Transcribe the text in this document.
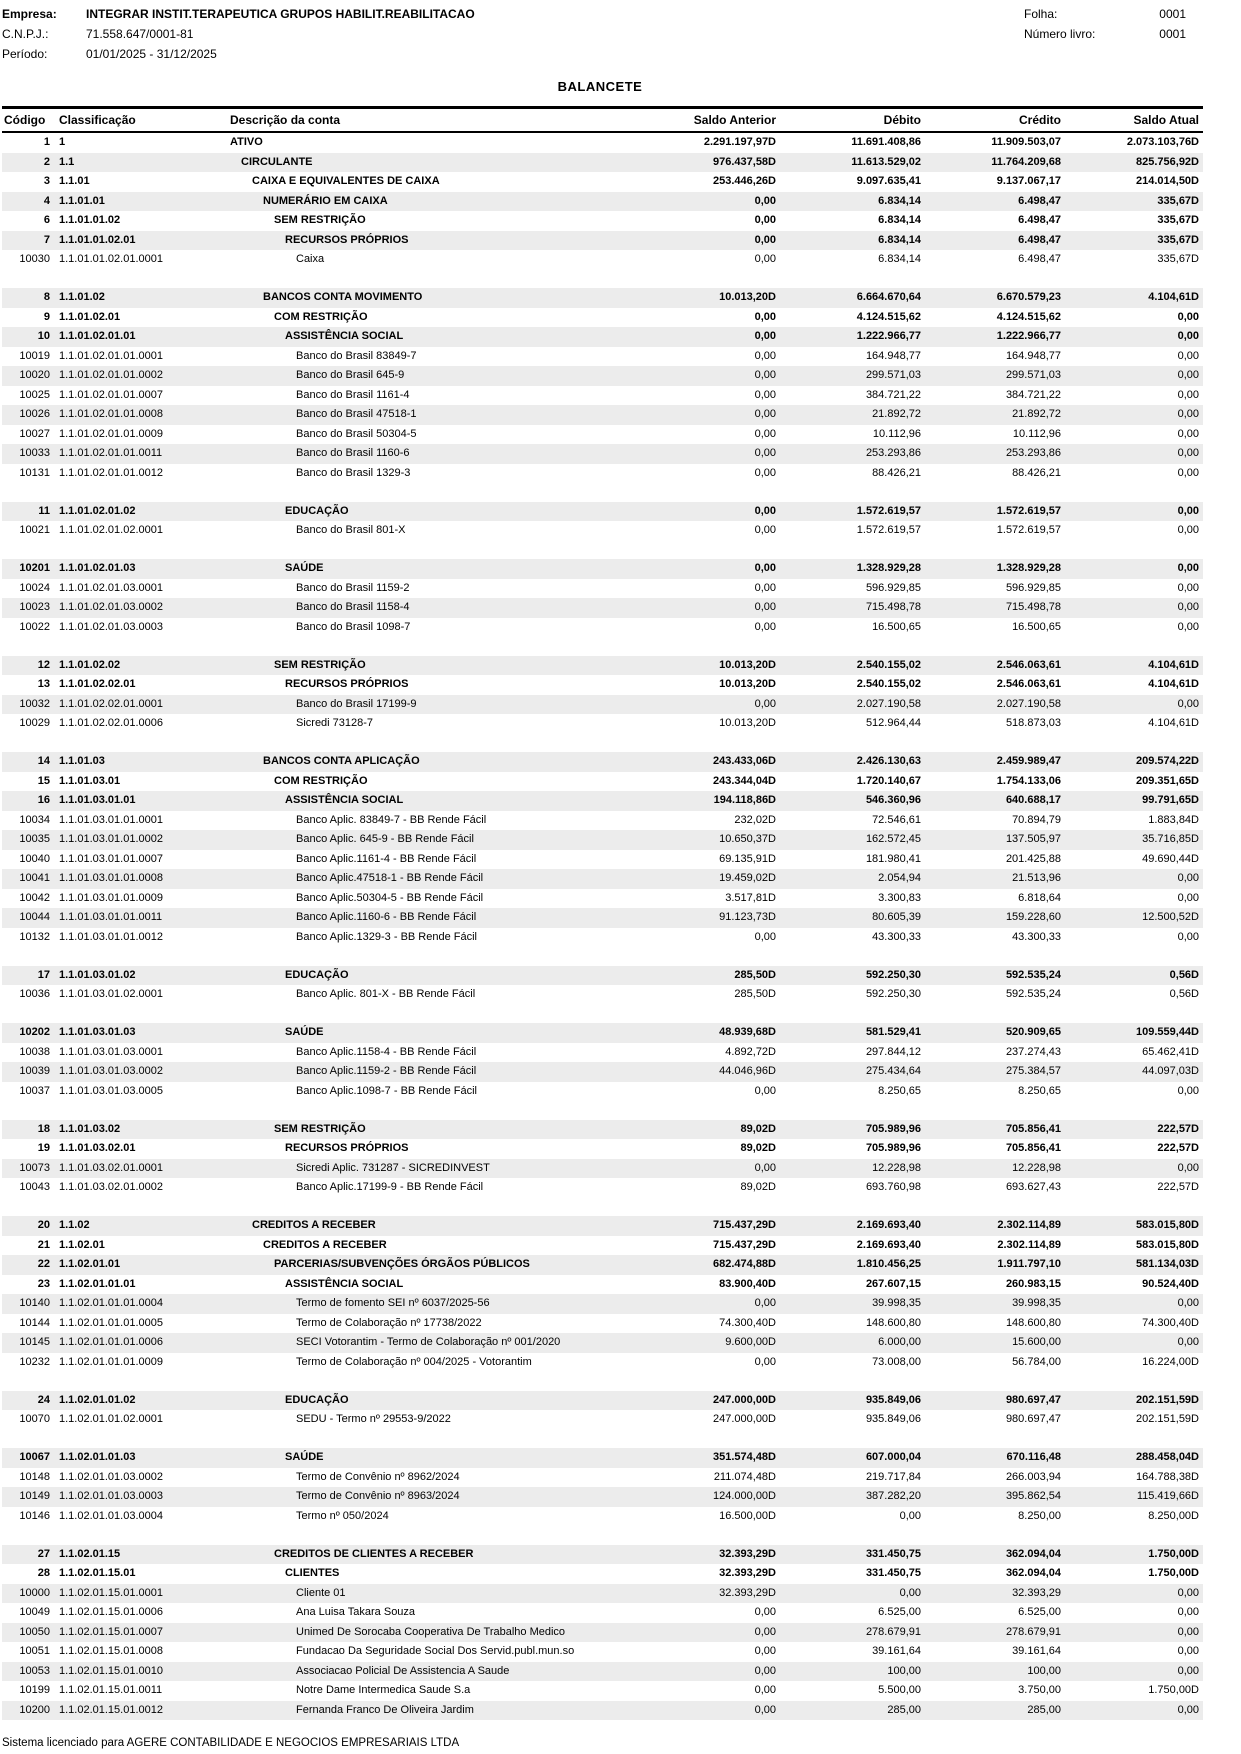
Empresa:	INTEGRAR INSTIT.TERAPEUTICA GRUPOS HABILIT.REABILITACAO
C.N.P.J.:	71.558.647/0001-81
Período:	01/01/2025 - 31/12/2025
Folha:	0001
Número livro:	0001
BALANCETE
Código	Classificação	Descrição da conta	Saldo Anterior	Débito	Crédito	Saldo Atual
1 1	ATIVO	2.291.197,97D	11.691.408,86	11.909.503,07	2.073.103,76D
2 1.1	CIRCULANTE	976.437,58D	11.613.529,02	11.764.209,68	825.756,92D
3 1.1.01	CAIXA E EQUIVALENTES DE CAIXA	253.446,26D	9.097.635,41	9.137.067,17	214.014,50D
4 1.1.01.01	NUMERÁRIO EM CAIXA	0,00	6.834,14	6.498,47	335,67D
6 1.1.01.01.02	SEM RESTRIÇÃO	0,00	6.834,14	6.498,47	335,67D
7 1.1.01.01.02.01	RECURSOS PRÓPRIOS	0,00	6.834,14	6.498,47	335,67D
10030 1.1.01.01.02.01.0001	Caixa	0,00	6.834,14	6.498,47	335,67D
8 1.1.01.02	BANCOS CONTA MOVIMENTO	10.013,20D	6.664.670,64	6.670.579,23	4.104,61D
9 1.1.01.02.01	COM RESTRIÇÃO	0,00	4.124.515,62	4.124.515,62	0,00
10 1.1.01.02.01.01	ASSISTÊNCIA SOCIAL	0,00	1.222.966,77	1.222.966,77	0,00
10019 1.1.01.02.01.01.0001	Banco do Brasil 83849-7	0,00	164.948,77	164.948,77	0,00
10020 1.1.01.02.01.01.0002	Banco do Brasil 645-9	0,00	299.571,03	299.571,03	0,00
10025 1.1.01.02.01.01.0007	Banco do Brasil 1161-4	0,00	384.721,22	384.721,22	0,00
10026 1.1.01.02.01.01.0008	Banco do Brasil 47518-1	0,00	21.892,72	21.892,72	0,00
10027 1.1.01.02.01.01.0009	Banco do Brasil 50304-5	0,00	10.112,96	10.112,96	0,00
10033 1.1.01.02.01.01.0011	Banco do Brasil 1160-6	0,00	253.293,86	253.293,86	0,00
10131 1.1.01.02.01.01.0012	Banco do Brasil 1329-3	0,00	88.426,21	88.426,21	0,00
11 1.1.01.02.01.02	EDUCAÇÃO	0,00	1.572.619,57	1.572.619,57	0,00
10021 1.1.01.02.01.02.0001	Banco do Brasil 801-X	0,00	1.572.619,57	1.572.619,57	0,00
10201 1.1.01.02.01.03	SAÚDE	0,00	1.328.929,28	1.328.929,28	0,00
10024 1.1.01.02.01.03.0001	Banco do Brasil 1159-2	0,00	596.929,85	596.929,85	0,00
10023 1.1.01.02.01.03.0002	Banco do Brasil 1158-4	0,00	715.498,78	715.498,78	0,00
10022 1.1.01.02.01.03.0003	Banco do Brasil 1098-7	0,00	16.500,65	16.500,65	0,00
12 1.1.01.02.02	SEM RESTRIÇÃO	10.013,20D	2.540.155,02	2.546.063,61	4.104,61D
13 1.1.01.02.02.01	RECURSOS PRÓPRIOS	10.013,20D	2.540.155,02	2.546.063,61	4.104,61D
10032 1.1.01.02.02.01.0001	Banco do Brasil 17199-9	0,00	2.027.190,58	2.027.190,58	0,00
10029 1.1.01.02.02.01.0006	Sicredi 73128-7	10.013,20D	512.964,44	518.873,03	4.104,61D
14 1.1.01.03	BANCOS CONTA APLICAÇÃO	243.433,06D	2.426.130,63	2.459.989,47	209.574,22D
15 1.1.01.03.01	COM RESTRIÇÃO	243.344,04D	1.720.140,67	1.754.133,06	209.351,65D
16 1.1.01.03.01.01	ASSISTÊNCIA SOCIAL	194.118,86D	546.360,96	640.688,17	99.791,65D
10034 1.1.01.03.01.01.0001	Banco Aplic. 83849-7 - BB Rende Fácil	232,02D	72.546,61	70.894,79	1.883,84D
10035 1.1.01.03.01.01.0002	Banco Aplic. 645-9 - BB Rende Fácil	10.650,37D	162.572,45	137.505,97	35.716,85D
10040 1.1.01.03.01.01.0007	Banco Aplic.1161-4 - BB Rende Fácil	69.135,91D	181.980,41	201.425,88	49.690,44D
10041 1.1.01.03.01.01.0008	Banco Aplic.47518-1 - BB Rende Fácil	19.459,02D	2.054,94	21.513,96	0,00
10042 1.1.01.03.01.01.0009	Banco Aplic.50304-5 - BB Rende Fácil	3.517,81D	3.300,83	6.818,64	0,00
10044 1.1.01.03.01.01.0011	Banco Aplic.1160-6 - BB Rende Fácil	91.123,73D	80.605,39	159.228,60	12.500,52D
10132 1.1.01.03.01.01.0012	Banco Aplic.1329-3 - BB Rende Fácil	0,00	43.300,33	43.300,33	0,00
17 1.1.01.03.01.02	EDUCAÇÃO	285,50D	592.250,30	592.535,24	0,56D
10036 1.1.01.03.01.02.0001	Banco Aplic. 801-X - BB Rende Fácil	285,50D	592.250,30	592.535,24	0,56D
10202 1.1.01.03.01.03	SAÚDE	48.939,68D	581.529,41	520.909,65	109.559,44D
10038 1.1.01.03.01.03.0001	Banco Aplic.1158-4 - BB Rende Fácil	4.892,72D	297.844,12	237.274,43	65.462,41D
10039 1.1.01.03.01.03.0002	Banco Aplic.1159-2 - BB Rende Fácil	44.046,96D	275.434,64	275.384,57	44.097,03D
10037 1.1.01.03.01.03.0005	Banco Aplic.1098-7 - BB Rende Fácil	0,00	8.250,65	8.250,65	0,00
18 1.1.01.03.02	SEM RESTRIÇÃO	89,02D	705.989,96	705.856,41	222,57D
19 1.1.01.03.02.01	RECURSOS PRÓPRIOS	89,02D	705.989,96	705.856,41	222,57D
10073 1.1.01.03.02.01.0001	Sicredi Aplic. 731287 - SICREDINVEST	0,00	12.228,98	12.228,98	0,00
10043 1.1.01.03.02.01.0002	Banco Aplic.17199-9 - BB Rende Fácil	89,02D	693.760,98	693.627,43	222,57D
20 1.1.02	CREDITOS A RECEBER	715.437,29D	2.169.693,40	2.302.114,89	583.015,80D
21 1.1.02.01	CREDITOS A RECEBER	715.437,29D	2.169.693,40	2.302.114,89	583.015,80D
22 1.1.02.01.01	PARCERIAS/SUBVENÇÕES ÓRGÃOS PÚBLICOS	682.474,88D	1.810.456,25	1.911.797,10	581.134,03D
23 1.1.02.01.01.01	ASSISTÊNCIA SOCIAL	83.900,40D	267.607,15	260.983,15	90.524,40D
10140 1.1.02.01.01.01.0004	Termo de fomento SEI nº 6037/2025-56	0,00	39.998,35	39.998,35	0,00
10144 1.1.02.01.01.01.0005	Termo de Colaboração nº 17738/2022	74.300,40D	148.600,80	148.600,80	74.300,40D
10145 1.1.02.01.01.01.0006	SECI Votorantim - Termo de Colaboração nº 001/2020	9.600,00D	6.000,00	15.600,00	0,00
10232 1.1.02.01.01.01.0009	Termo de Colaboração nº 004/2025 - Votorantim	0,00	73.008,00	56.784,00	16.224,00D
24 1.1.02.01.01.02	EDUCAÇÃO	247.000,00D	935.849,06	980.697,47	202.151,59D
10070 1.1.02.01.01.02.0001	SEDU - Termo nº 29553-9/2022	247.000,00D	935.849,06	980.697,47	202.151,59D
10067 1.1.02.01.01.03	SAÚDE	351.574,48D	607.000,04	670.116,48	288.458,04D
10148 1.1.02.01.01.03.0002	Termo de Convênio nº 8962/2024	211.074,48D	219.717,84	266.003,94	164.788,38D
10149 1.1.02.01.01.03.0003	Termo de Convênio nº 8963/2024	124.000,00D	387.282,20	395.862,54	115.419,66D
10146 1.1.02.01.01.03.0004	Termo nº 050/2024	16.500,00D	0,00	8.250,00	8.250,00D
27 1.1.02.01.15	CREDITOS DE CLIENTES A RECEBER	32.393,29D	331.450,75	362.094,04	1.750,00D
28 1.1.02.01.15.01	CLIENTES	32.393,29D	331.450,75	362.094,04	1.750,00D
10000 1.1.02.01.15.01.0001	Cliente 01	32.393,29D	0,00	32.393,29	0,00
10049 1.1.02.01.15.01.0006	Ana Luisa Takara Souza	0,00	6.525,00	6.525,00	0,00
10050 1.1.02.01.15.01.0007	Unimed De Sorocaba Cooperativa De Trabalho Medico	0,00	278.679,91	278.679,91	0,00
10051 1.1.02.01.15.01.0008	Fundacao Da Seguridade Social Dos Servid.publ.mun.so	0,00	39.161,64	39.161,64	0,00
10053 1.1.02.01.15.01.0010	Associacao Policial De Assistencia A Saude	0,00	100,00	100,00	0,00
10199 1.1.02.01.15.01.0011	Notre Dame Intermedica Saude S.a	0,00	5.500,00	3.750,00	1.750,00D
10200 1.1.02.01.15.01.0012	Fernanda Franco De Oliveira Jardim	0,00	285,00	285,00	0,00
Sistema licenciado para AGERE CONTABILIDADE E NEGOCIOS EMPRESARIAIS LTDA
